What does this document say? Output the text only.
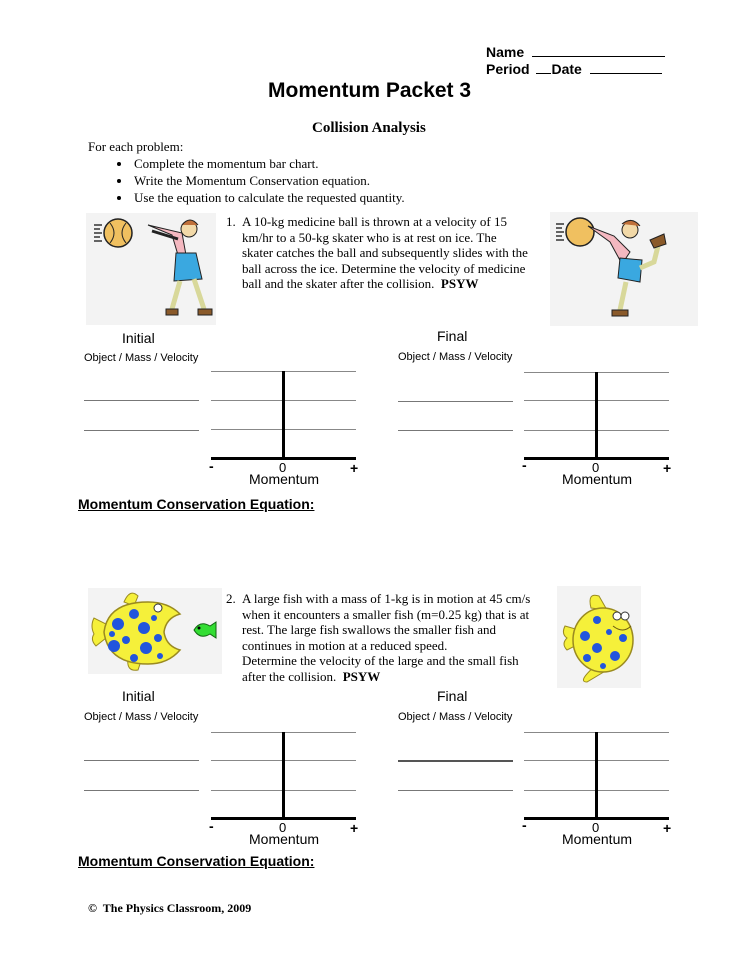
Name
Period Date
Momentum Packet 3
Collision Analysis
For each problem:
• Complete the momentum bar chart.
• Write the Momentum Conservation equation.
• Use the equation to calculate the requested quantity.
1. A 10-kg medicine ball is thrown at a velocity of 15
km/hr to a 50-kg skater who is at rest on ice. The
skater catches the ball and subsequently slides with the
ball across the ice. Determine the velocity of medicine
ball and the skater after the collision. PSYW
Initial
Object / Mass / Velocity
-	0	+
Momentum
Final
Object / Mass / Velocity
-	0	+
Momentum
Momentum Conservation Equation:
2. A large fish with a mass of 1-kg is in motion at 45 cm/s
when it encounters a smaller fish (m=0.25 kg) that is at
rest. The large fish swallows the smaller fish and
continues in motion at a reduced speed.
Determine the velocity of the large and the small fish
after the collision. PSYW
Initial
Object / Mass / Velocity
-	0	+
Momentum
Final
Object / Mass / Velocity
-	0	+
Momentum
Momentum Conservation Equation:
© The Physics Classroom, 2009
